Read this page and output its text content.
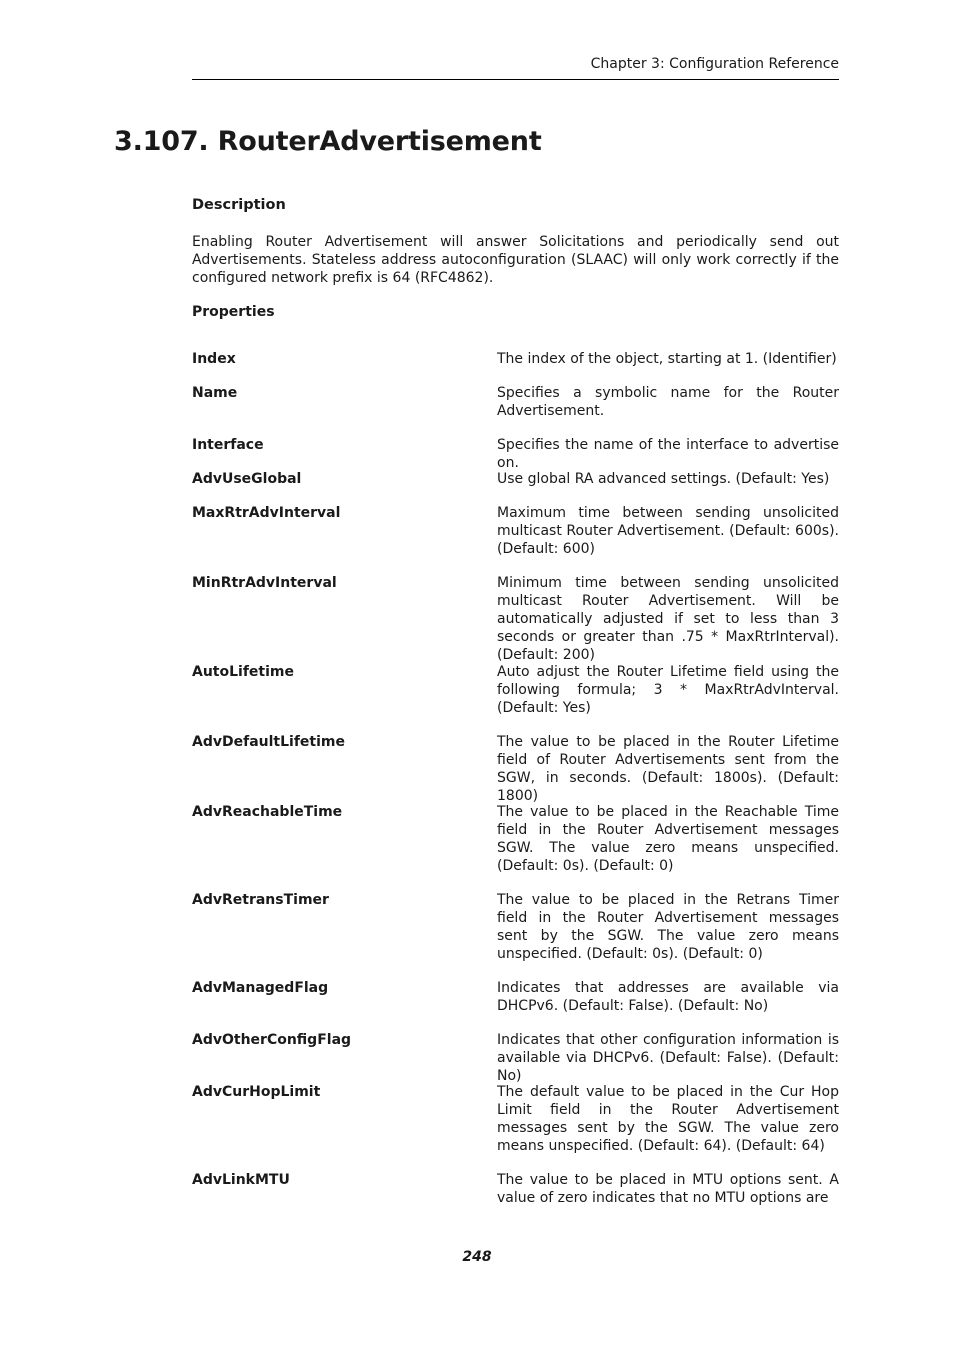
Chapter 3: Configuration Reference
3.107. RouterAdvertisement
Description

Enabling Router Advertisement will answer Solicitations and periodically send out Advertisements. Stateless address autoconfiguration (SLAAC) will only work correctly if the configured network prefix is 64 (RFC4862).

Properties
Index	The index of the object, starting at 1. (Identifier)
Name	Specifies a symbolic name for the Router Advertisement.
Interface	Specifies the name of the interface to advertise on.
AdvUseGlobal	Use global RA advanced settings. (Default: Yes)
MaxRtrAdvInterval	Maximum time between sending unsolicited multicast Router Advertisement. (Default: 600s). (Default: 600)
MinRtrAdvInterval	Minimum time between sending unsolicited multicast Router Advertisement. Will be automatically adjusted if set to less than 3 seconds or greater than .75 * MaxRtrInterval). (Default: 200)
AutoLifetime	Auto adjust the Router Lifetime field using the following formula; 3 * MaxRtrAdvInterval. (Default: Yes)
AdvDefaultLifetime	The value to be placed in the Router Lifetime field of Router Advertisements sent from the SGW, in seconds. (Default: 1800s). (Default: 1800)
AdvReachableTime	The value to be placed in the Reachable Time field in the Router Advertisement messages SGW. The value zero means unspecified. (Default: 0s). (Default: 0)
AdvRetransTimer	The value to be placed in the Retrans Timer field in the Router Advertisement messages sent by the SGW. The value zero means unspecified. (Default: 0s). (Default: 0)
AdvManagedFlag	Indicates that addresses are available via DHCPv6. (Default: False). (Default: No)
AdvOtherConfigFlag	Indicates that other configuration information is available via DHCPv6. (Default: False). (Default: No)
AdvCurHopLimit	The default value to be placed in the Cur Hop Limit field in the Router Advertisement messages sent by the SGW. The value zero means unspecified. (Default: 64). (Default: 64)
AdvLinkMTU	The value to be placed in MTU options sent. A value of zero indicates that no MTU options are
248
